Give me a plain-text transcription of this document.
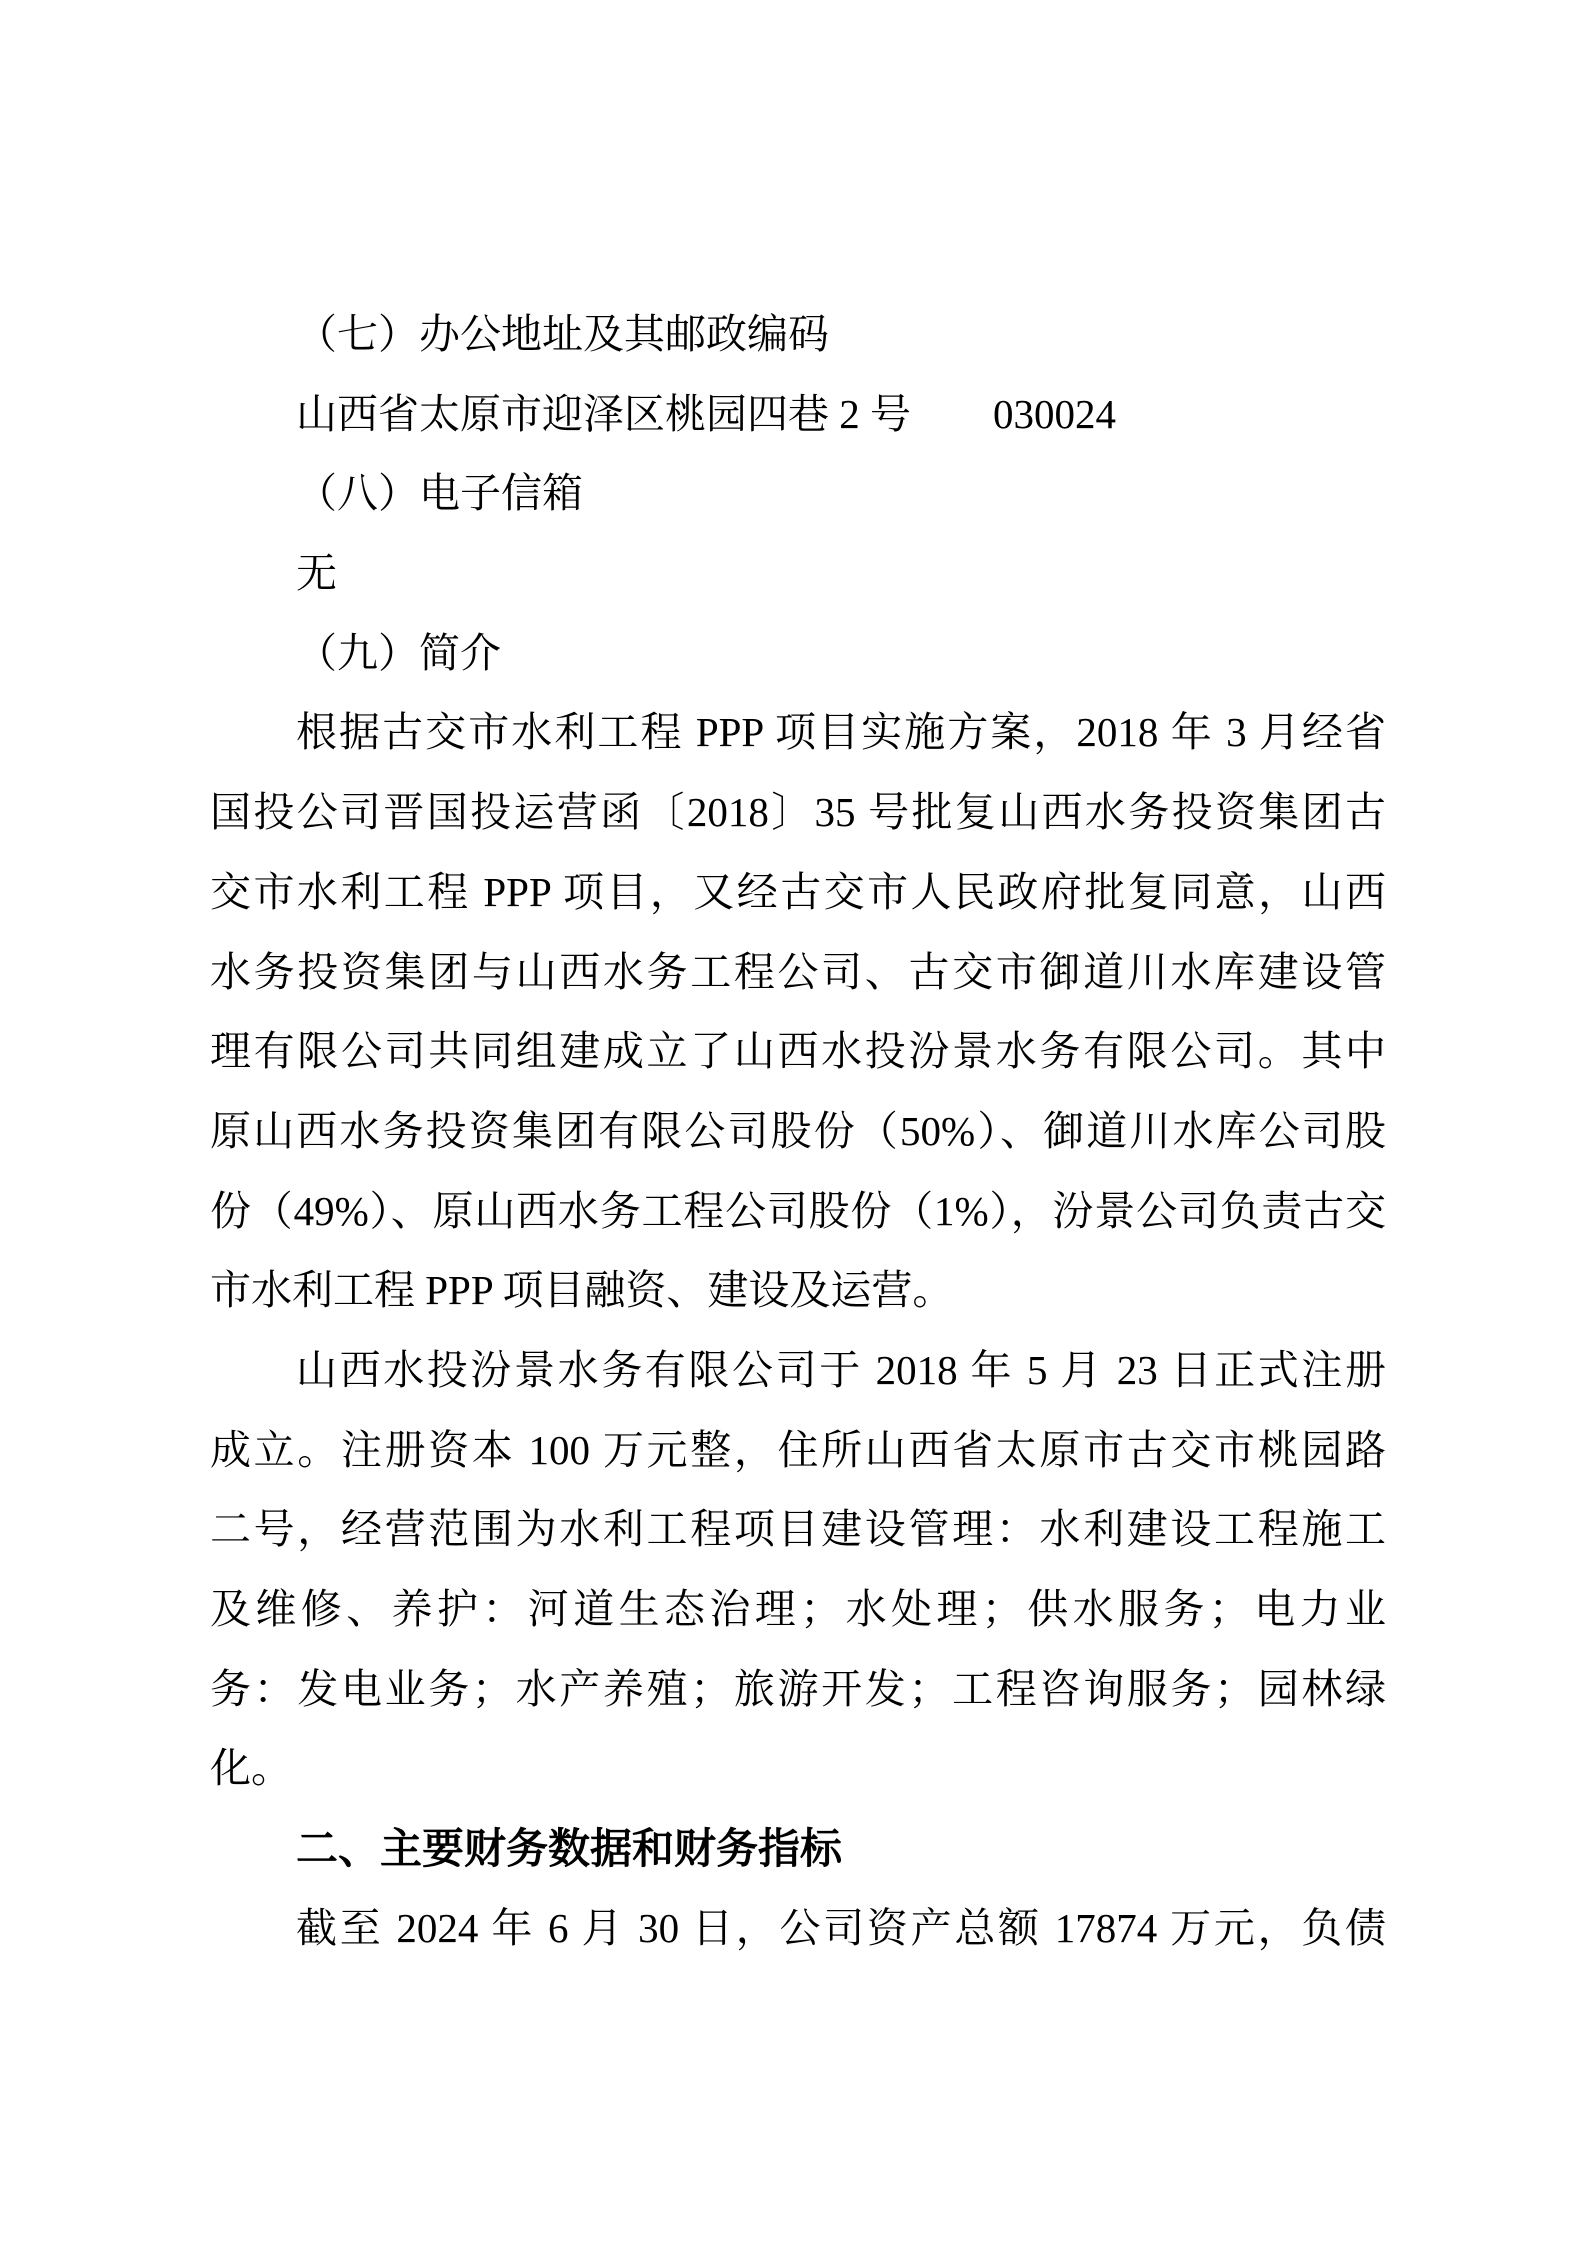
（七）办公地址及其邮政编码
山西省太原市迎泽区桃园四巷 2 号　　030024
（八）电子信箱
无
（九）简介
根据古交市水利工程 PPP 项目实施方案，2018 年 3 月经省
国投公司晋国投运营函〔2018〕35 号批复山西水务投资集团古
交市水利工程 PPP 项目，又经古交市人民政府批复同意，山西
水务投资集团与山西水务工程公司、古交市御道川水库建设管
理有限公司共同组建成立了山西水投汾景水务有限公司。其中
原山西水务投资集团有限公司股份（50%）、御道川水库公司股
份（49%）、原山西水务工程公司股份（1%），汾景公司负责古交
市水利工程 PPP 项目融资、建设及运营。
山西水投汾景水务有限公司于 2018 年 5 月 23 日正式注册
成立。注册资本 100 万元整，住所山西省太原市古交市桃园路
二号，经营范围为水利工程项目建设管理：水利建设工程施工
及维修、养护：河道生态治理；水处理；供水服务；电力业
务：发电业务；水产养殖；旅游开发；工程咨询服务；园林绿
化。
二、主要财务数据和财务指标
截至 2024 年 6 月 30 日，公司资产总额 17874 万元，负债
